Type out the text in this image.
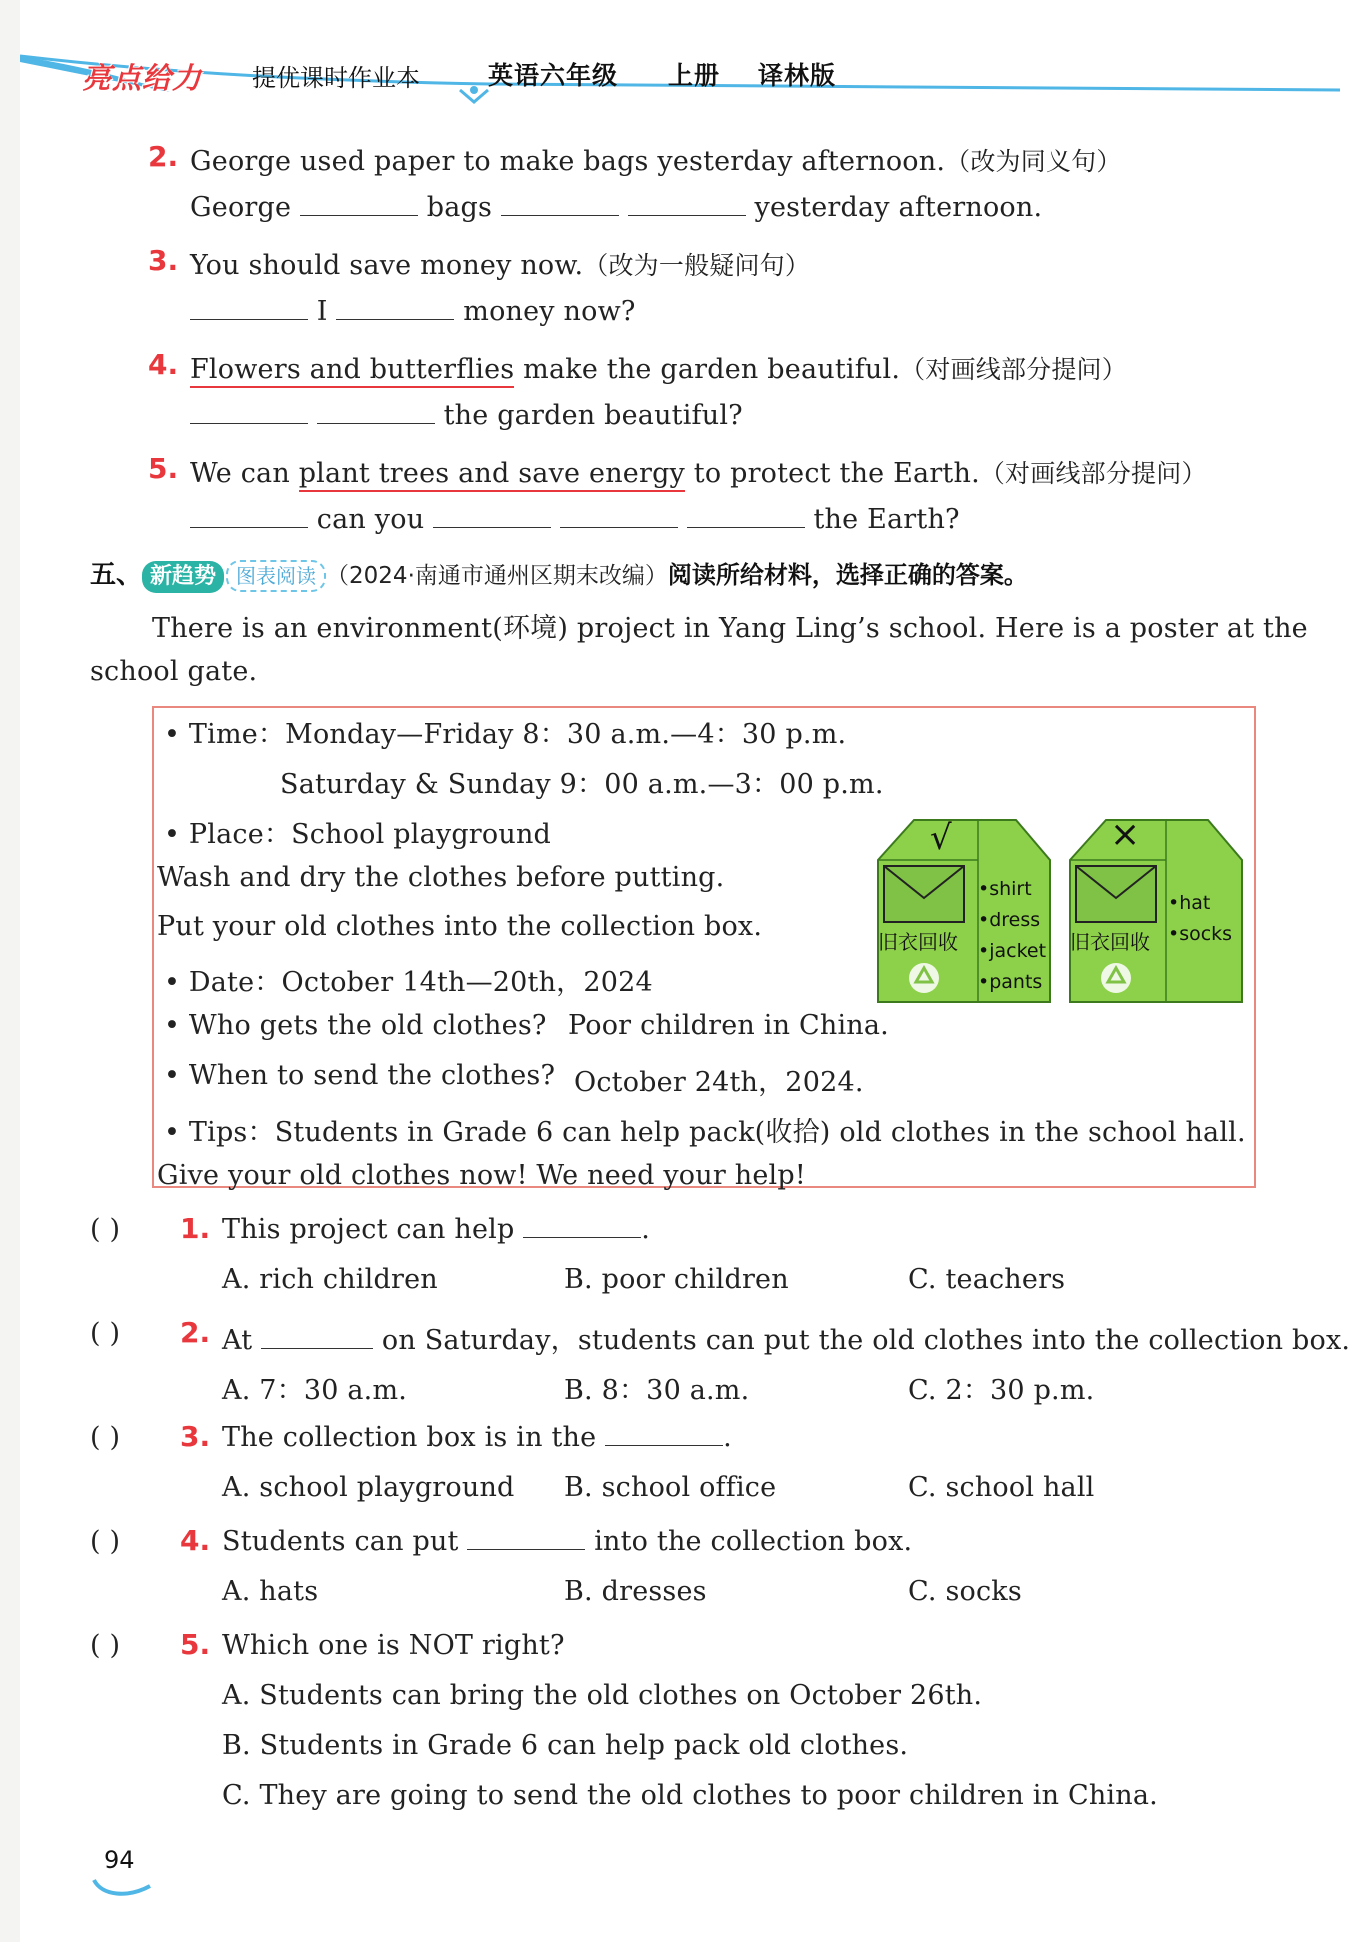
亮点给力 提优课时作业本	英语六年级 上册 译林版
2. George used paper to make bags yesterday afternoon.（改为同义句）
George	bags	yesterday afternoon.
3. You should save money now.（改为一般疑问句）
I	money now?
4. Flowers and butterflies make the garden beautiful.（对画线部分提问）
the garden beautiful?
5. We can plant trees and save energy to protect the Earth.（对画线部分提问）
can you	the Earth?
五、 新趋势 图表阅读 （2024·南通市通州区期末改编）阅读所给材料，选择正确的答案。
There is an environment(环境) project in Yang Ling’s school. Here is a poster at the
school gate.
• Time：Monday—Friday 8：30 a.m.—4：30 p.m.
Saturday & Sunday 9：00 a.m.—3：00 p.m.
• Place：School playground
Wash and dry the clothes before putting.
Put your old clothes into the collection box.
• Date：October 14th—20th，2024
• Who gets the old clothes? Poor children in China.
• When to send the clothes? October 24th，2024.
• Tips：Students in Grade 6 can help pack(收拾) old clothes in the school hall.
Give your old clothes now! We need your help!
√
旧衣回收
•shirt
•dress
•jacket
•pants
×
旧衣回收
•hat
•socks
( ) 1. This project can help	.
A. rich children	B. poor children	C. teachers
( ) 2. At	on Saturday，students can put the old clothes into the collection box.
A. 7：30 a.m.	B. 8：30 a.m.	C. 2：30 p.m.
( ) 3. The collection box is in the	.
A. school playground B. school office	C. school hall
( ) 4. Students can put	into the collection box.
A. hats	B. dresses	C. socks
( ) 5. Which one is NOT right?
A. Students can bring the old clothes on October 26th.
B. Students in Grade 6 can help pack old clothes.
C. They are going to send the old clothes to poor children in China.
94
